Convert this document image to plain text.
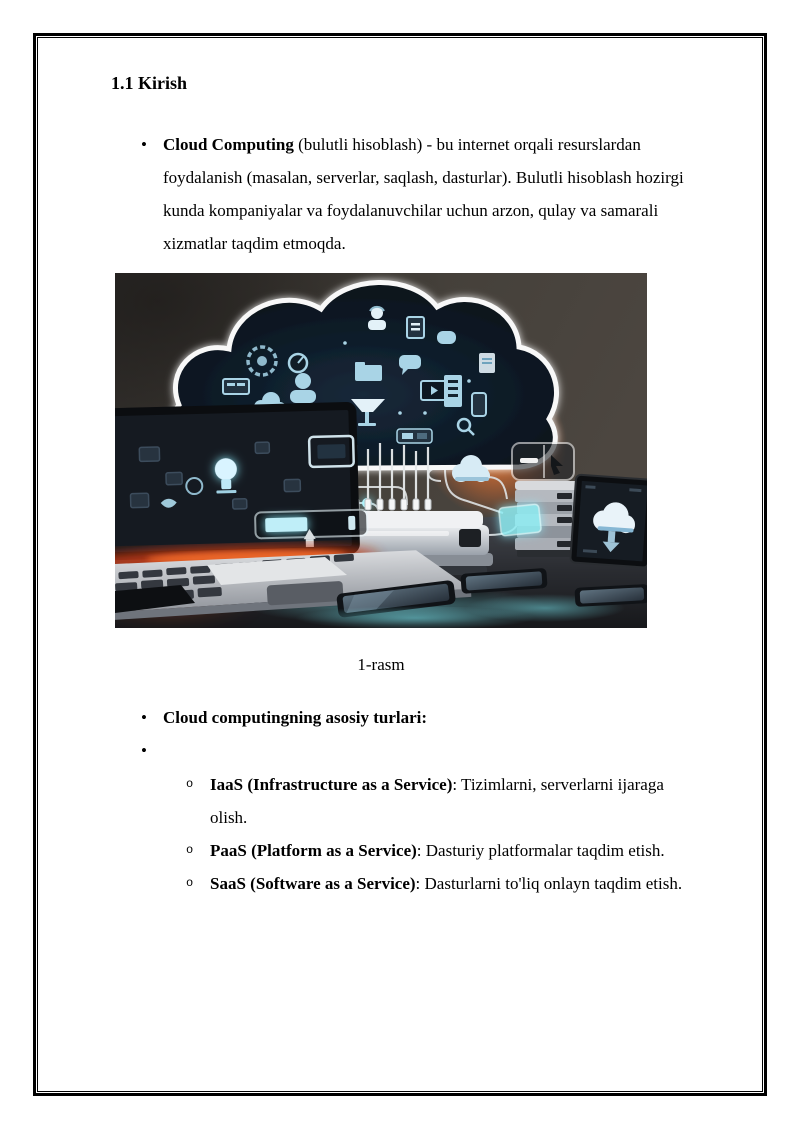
1.1 Kirish
• Cloud Computing (bulutli hisoblash) - bu internet orqali resurslardan
foydalanish (masalan, serverlar, saqlash, dasturlar). Bulutli hisoblash hozirgi
kunda kompaniyalar va foydalanuvchilar uchun arzon, qulay va samarali
xizmatlar taqdim etmoqda.
1-rasm
• Cloud computingning asosiy turlari:
•
o IaaS (Infrastructure as a Service): Tizimlarni, serverlarni ijaraga
olish.
o PaaS (Platform as a Service): Dasturiy platformalar taqdim etish.
o SaaS (Software as a Service): Dasturlarni to'liq onlayn taqdim etish.
